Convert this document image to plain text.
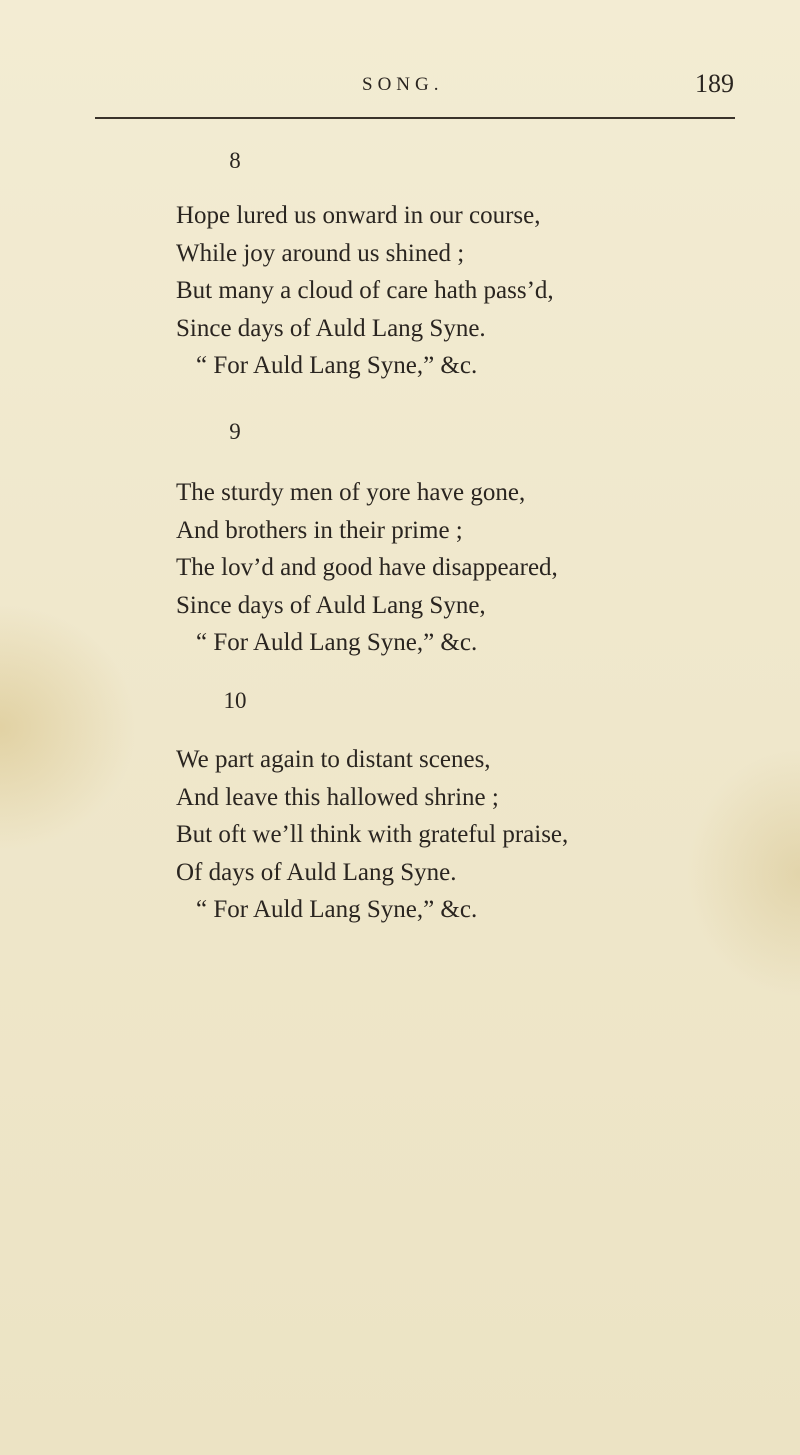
SONG.	189
8
Hope lured us onward in our course,
While joy around us shined ;
But many a cloud of care hath pass’d,
Since days of Auld Lang Syne.
“ For Auld Lang Syne,” &c.
9
The sturdy men of yore have gone,
And brothers in their prime ;
The lov’d and good have disappeared,
Since days of Auld Lang Syne,
“ For Auld Lang Syne,” &c.
10
We part again to distant scenes,
And leave this hallowed shrine ;
But oft we’ll think with grateful praise,
Of days of Auld Lang Syne.
“ For Auld Lang Syne,” &c.
